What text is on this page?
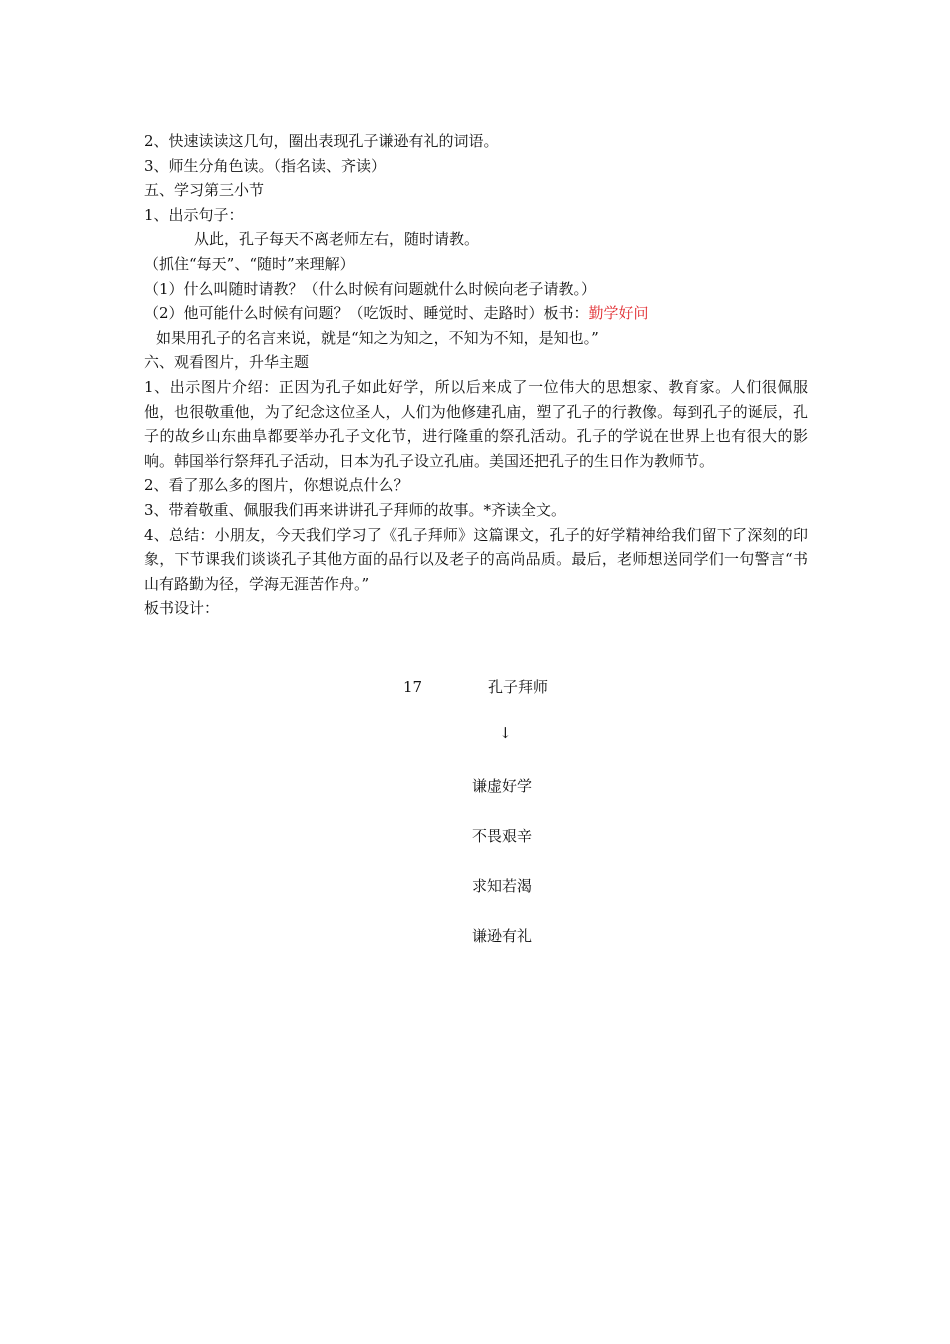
2、快速读读这几句，圈出表现孔子谦逊有礼的词语。

3、师生分角色读。（指名读、齐读）

五、学习第三小节

1、出示句子：

从此，孔子每天不离老师左右，随时请教。

（抓住“每天”、“随时”来理解）

（1）什么叫随时请教？（什么时候有问题就什么时候向老子请教。）

（2）他可能什么时候有问题？（吃饭时、睡觉时、走路时）板书：勤学好问

如果用孔子的名言来说，就是“知之为知之，不知为不知，是知也。”

六、观看图片，升华主题

1、出示图片介绍：正因为孔子如此好学，所以后来成了一位伟大的思想家、教育家。人们很佩服他，也很敬重他，为了纪念这位圣人，人们为他修建孔庙，塑了孔子的行教像。每到孔子的诞辰，孔子的故乡山东曲阜都要举办孔子文化节，进行隆重的祭孔活动。孔子的学说在世界上也有很大的影响。韩国举行祭拜孔子活动，日本为孔子设立孔庙。美国还把孔子的生日作为教师节。

2、看了那么多的图片，你想说点什么？

3、带着敬重、佩服我们再来讲讲孔子拜师的故事。*齐读全文。

4、总结：小朋友，今天我们学习了《孔子拜师》这篇课文，孔子的好学精神给我们留下了深刻的印象，下节课我们谈谈孔子其他方面的品行以及老子的高尚品质。最后，老师想送同学们一句警言“书山有路勤为径，学海无涯苦作舟。”

板书设计：

17	孔子拜师
↓
谦虚好学
不畏艰辛
求知若渴
谦逊有礼
